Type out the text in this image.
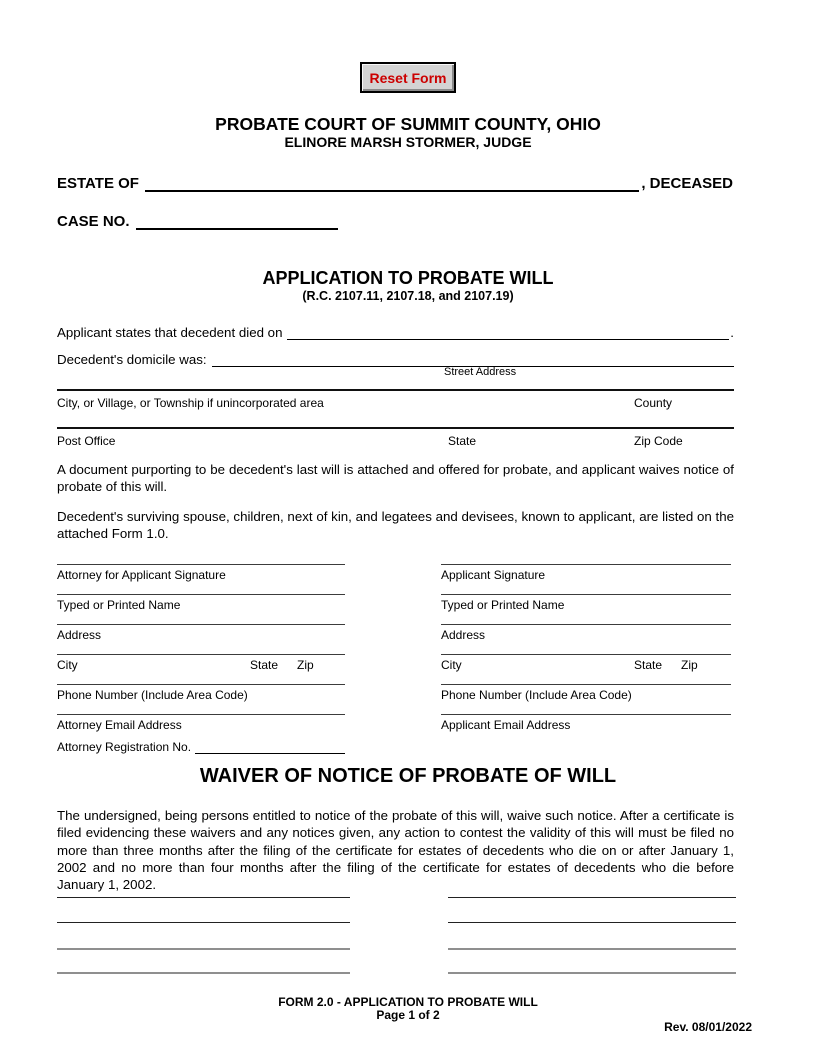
Reset Form
PROBATE COURT OF SUMMIT COUNTY, OHIO
ELINORE MARSH STORMER, JUDGE
ESTATE OF	, DECEASED
CASE NO.
APPLICATION TO PROBATE WILL
(R.C. 2107.11, 2107.18, and 2107.19)
Applicant states that decedent died on	.
Decedent's domicile was:
Street Address
City, or Village, or Township if unincorporated area	County
Post Office	State	Zip Code

A document purporting to be decedent's last will is attached and offered for probate, and applicant waives notice of probate of this will.

Decedent's surviving spouse, children, next of kin, and legatees and devisees, known to applicant, are listed on the attached Form 1.0.

Attorney for Applicant Signature
Typed or Printed Name
Address
City	State Zip
Phone Number (Include Area Code)
Attorney Email Address
Attorney Registration No.
Applicant Signature
Typed or Printed Name
Address
City	State Zip
Phone Number (Include Area Code)
Applicant Email Address
WAIVER OF NOTICE OF PROBATE OF WILL

The undersigned, being persons entitled to notice of the probate of this will, waive such notice. After a certificate is filed evidencing these waivers and any notices given, any action to contest the validity of this will must be filed no more than three months after the filing of the certificate for estates of decedents who die on or after January 1, 2002 and no more than four months after the filing of the certificate for estates of decedents who die before January 1, 2002.

FORM 2.0 - APPLICATION TO PROBATE WILL
Page 1 of 2
Rev. 08/01/2022
